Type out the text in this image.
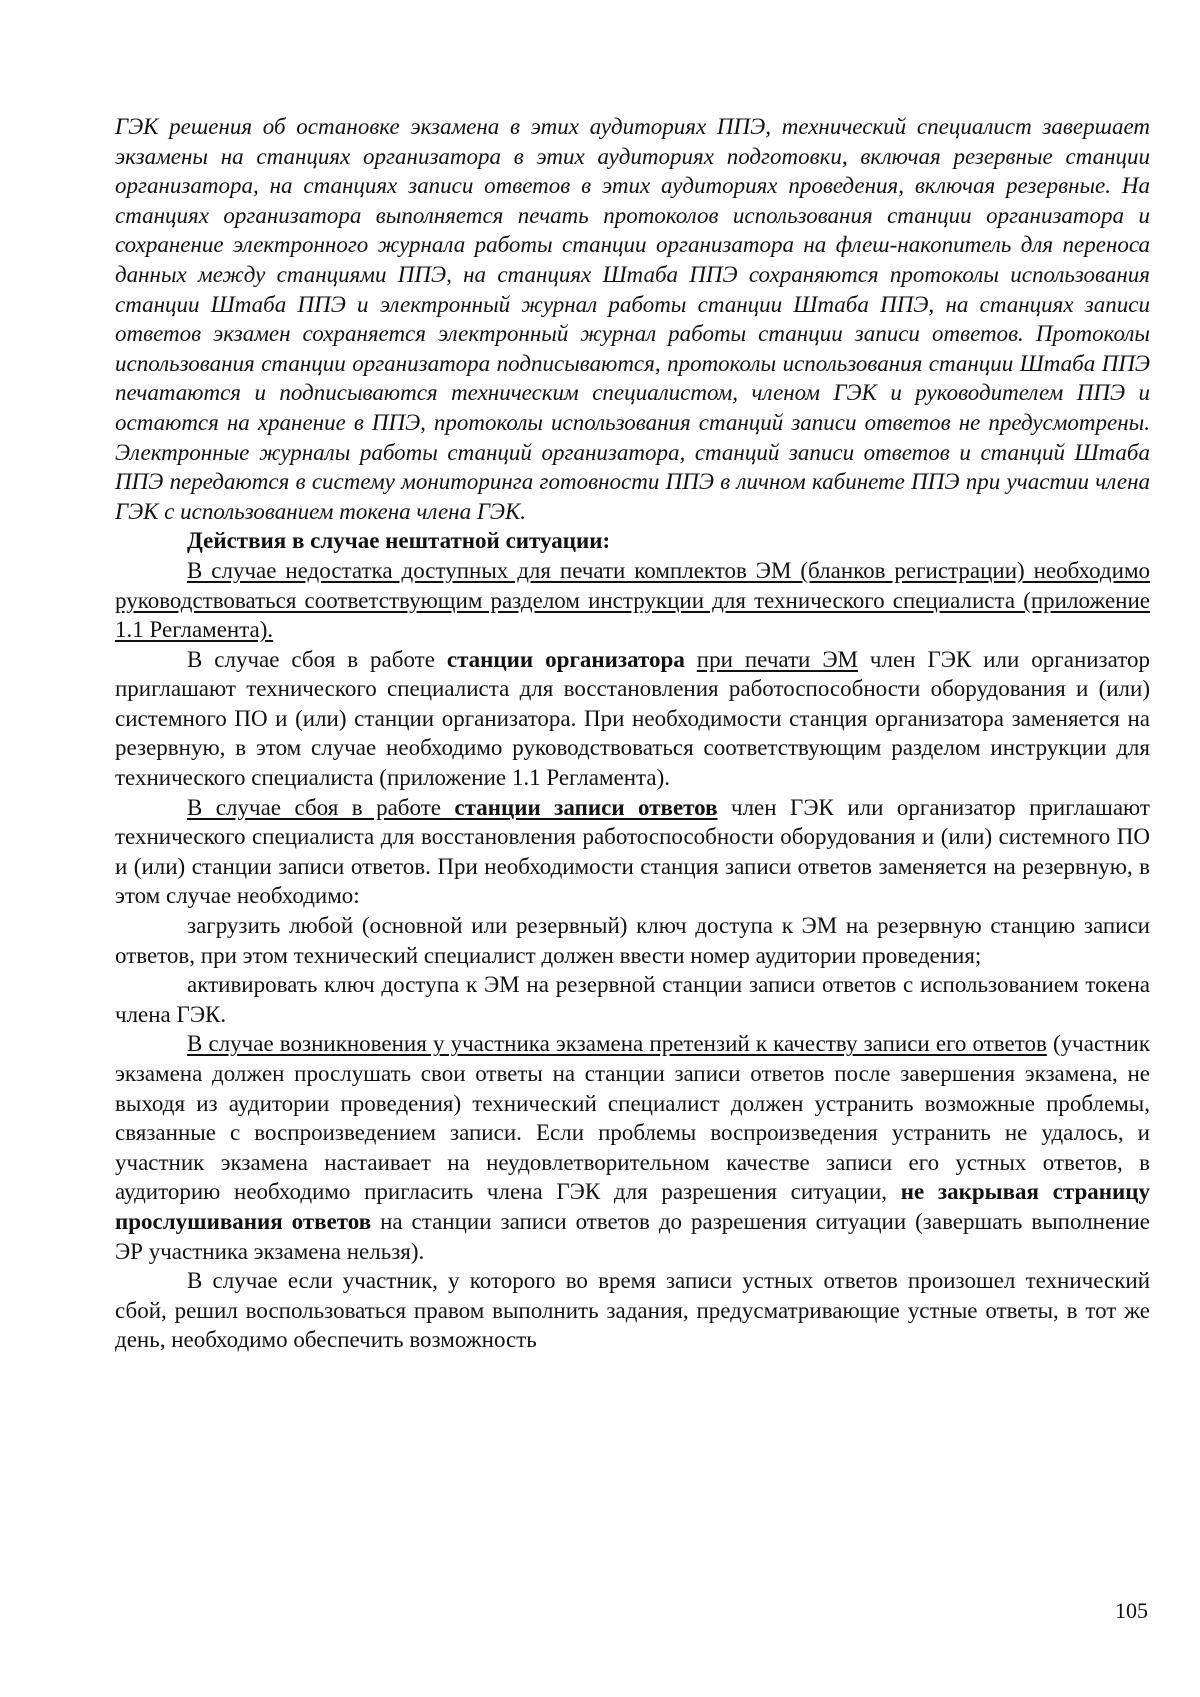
ГЭК решения об остановке экзамена в этих аудиториях ППЭ, технический специалист завершает экзамены на станциях организатора в этих аудиториях подготовки, включая резервные станции организатора, на станциях записи ответов в этих аудиториях проведения, включая резервные. На станциях организатора выполняется печать протоколов использования станции организатора и сохранение электронного журнала работы станции организатора на флеш-накопитель для переноса данных между станциями ППЭ, на станциях Штаба ППЭ сохраняются протоколы использования станции Штаба ППЭ и электронный журнал работы станции Штаба ППЭ, на станциях записи ответов экзамен сохраняется электронный журнал работы станции записи ответов. Протоколы использования станции организатора подписываются, протоколы использования станции Штаба ППЭ печатаются и подписываются техническим специалистом, членом ГЭК и руководителем ППЭ и остаются на хранение в ППЭ, протоколы использования станций записи ответов не предусмотрены. Электронные журналы работы станций организатора, станций записи ответов и станций Штаба ППЭ передаются в систему мониторинга готовности ППЭ в личном кабинете ППЭ при участии члена ГЭК с использованием токена члена ГЭК.

Действия в случае нештатной ситуации:

В случае недостатка доступных для печати комплектов ЭМ (бланков регистрации) необходимо руководствоваться соответствующим разделом инструкции для технического специалиста (приложение 1.1 Регламента).

В случае сбоя в работе станции организатора при печати ЭМ член ГЭК или организатор приглашают технического специалиста для восстановления работоспособности оборудования и (или) системного ПО и (или) станции организатора. При необходимости станция организатора заменяется на резервную, в этом случае необходимо руководствоваться соответствующим разделом инструкции для технического специалиста (приложение 1.1 Регламента).

В случае сбоя в работе станции записи ответов член ГЭК или организатор приглашают технического специалиста для восстановления работоспособности оборудования и (или) системного ПО и (или) станции записи ответов. При необходимости станция записи ответов заменяется на резервную, в этом случае необходимо:

загрузить любой (основной или резервный) ключ доступа к ЭМ на резервную станцию записи ответов, при этом технический специалист должен ввести номер аудитории проведения;

активировать ключ доступа к ЭМ на резервной станции записи ответов с использованием токена члена ГЭК.

В случае возникновения у участника экзамена претензий к качеству записи его ответов (участник экзамена должен прослушать свои ответы на станции записи ответов после завершения экзамена, не выходя из аудитории проведения) технический специалист должен устранить возможные проблемы, связанные с воспроизведением записи. Если проблемы воспроизведения устранить не удалось, и участник экзамена настаивает на неудовлетворительном качестве записи его устных ответов, в аудиторию необходимо пригласить члена ГЭК для разрешения ситуации, не закрывая страницу прослушивания ответов на станции записи ответов до разрешения ситуации (завершать выполнение ЭР участника экзамена нельзя).

В случае если участник, у которого во время записи устных ответов произошел технический сбой, решил воспользоваться правом выполнить задания, предусматривающие устные ответы, в тот же день, необходимо обеспечить возможность

105
